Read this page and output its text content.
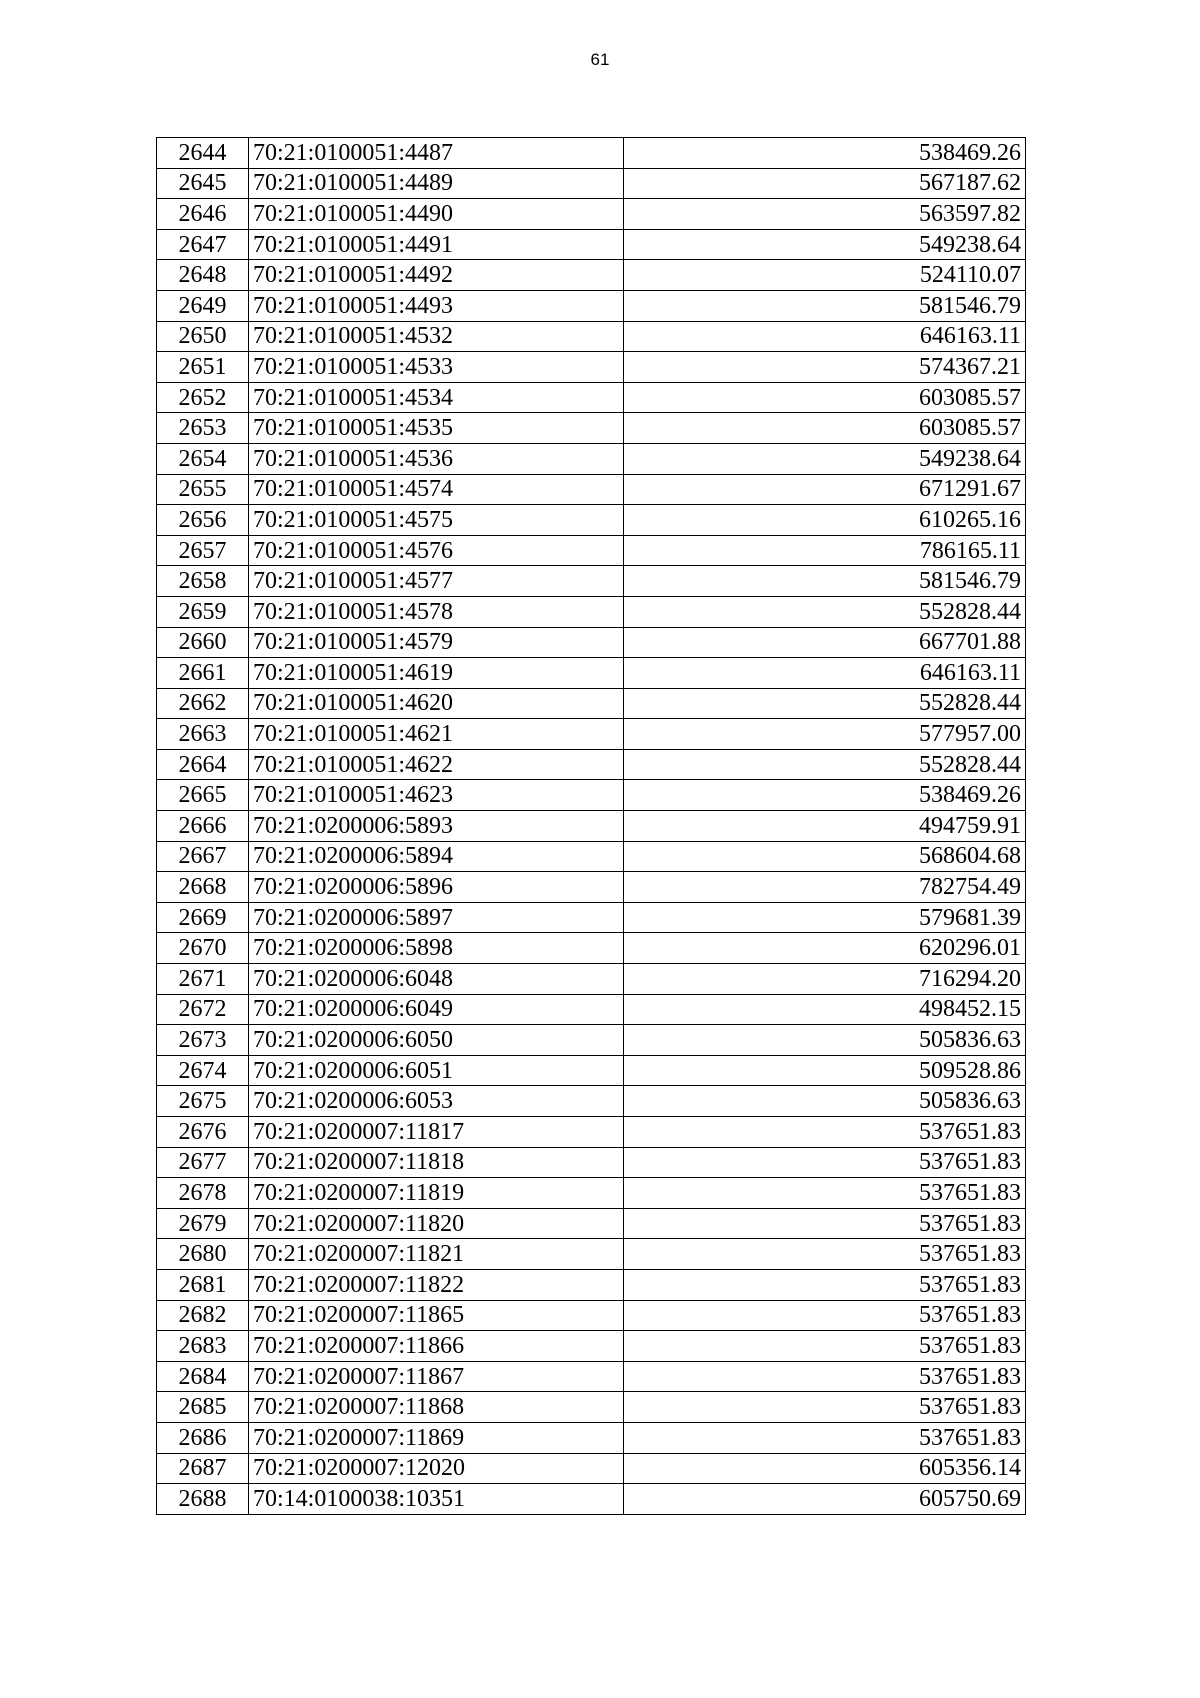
61
2644	70:21:0100051:4487	538469.26
2645	70:21:0100051:4489	567187.62
2646	70:21:0100051:4490	563597.82
2647	70:21:0100051:4491	549238.64
2648	70:21:0100051:4492	524110.07
2649	70:21:0100051:4493	581546.79
2650	70:21:0100051:4532	646163.11
2651	70:21:0100051:4533	574367.21
2652	70:21:0100051:4534	603085.57
2653	70:21:0100051:4535	603085.57
2654	70:21:0100051:4536	549238.64
2655	70:21:0100051:4574	671291.67
2656	70:21:0100051:4575	610265.16
2657	70:21:0100051:4576	786165.11
2658	70:21:0100051:4577	581546.79
2659	70:21:0100051:4578	552828.44
2660	70:21:0100051:4579	667701.88
2661	70:21:0100051:4619	646163.11
2662	70:21:0100051:4620	552828.44
2663	70:21:0100051:4621	577957.00
2664	70:21:0100051:4622	552828.44
2665	70:21:0100051:4623	538469.26
2666	70:21:0200006:5893	494759.91
2667	70:21:0200006:5894	568604.68
2668	70:21:0200006:5896	782754.49
2669	70:21:0200006:5897	579681.39
2670	70:21:0200006:5898	620296.01
2671	70:21:0200006:6048	716294.20
2672	70:21:0200006:6049	498452.15
2673	70:21:0200006:6050	505836.63
2674	70:21:0200006:6051	509528.86
2675	70:21:0200006:6053	505836.63
2676	70:21:0200007:11817	537651.83
2677	70:21:0200007:11818	537651.83
2678	70:21:0200007:11819	537651.83
2679	70:21:0200007:11820	537651.83
2680	70:21:0200007:11821	537651.83
2681	70:21:0200007:11822	537651.83
2682	70:21:0200007:11865	537651.83
2683	70:21:0200007:11866	537651.83
2684	70:21:0200007:11867	537651.83
2685	70:21:0200007:11868	537651.83
2686	70:21:0200007:11869	537651.83
2687	70:21:0200007:12020	605356.14
2688	70:14:0100038:10351	605750.69
